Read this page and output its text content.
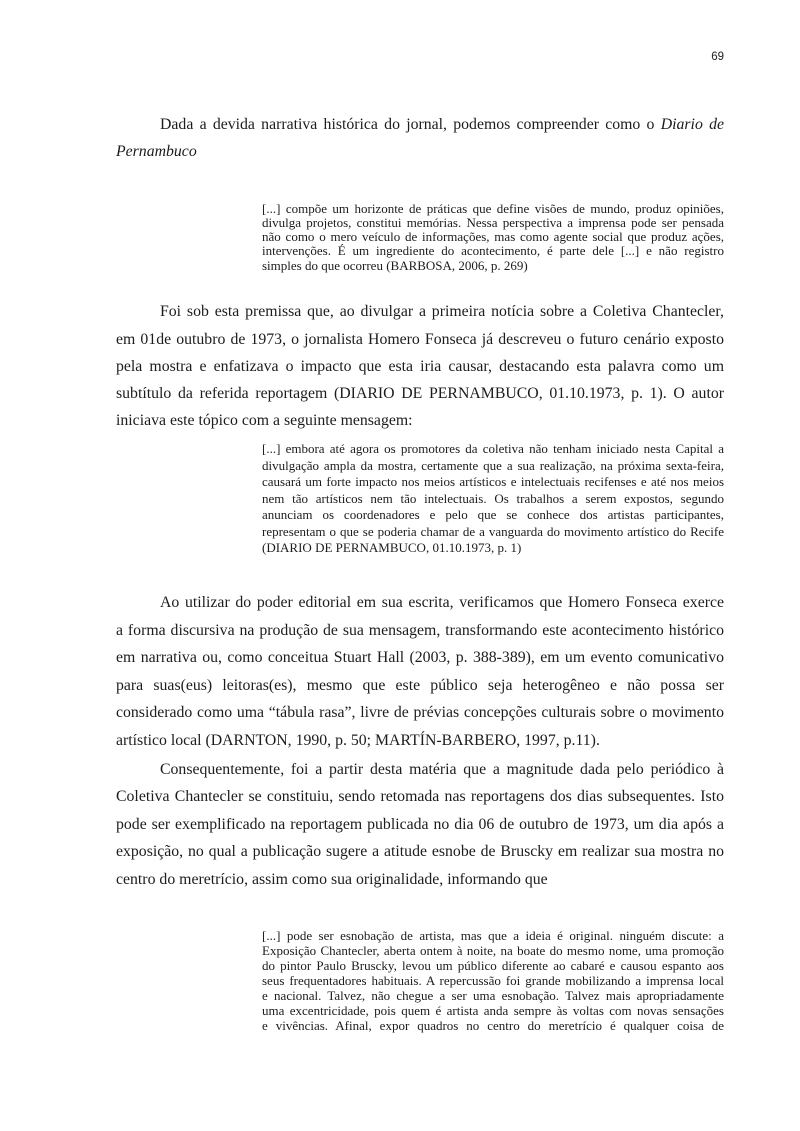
69
Dada a devida narrativa histórica do jornal, podemos compreender como o Diario de
Pernambuco
[...] compõe um horizonte de práticas que define visões de mundo, produz opiniões,
divulga projetos, constitui memórias. Nessa perspectiva a imprensa pode ser pensada
não como o mero veículo de informações, mas como agente social que produz ações,
intervenções. É um ingrediente do acontecimento, é parte dele [...] e não registro
simples do que ocorreu (BARBOSA, 2006, p. 269)
Foi sob esta premissa que, ao divulgar a primeira notícia sobre a Coletiva Chantecler,
em 01de outubro de 1973, o jornalista Homero Fonseca já descreveu o futuro cenário exposto
pela mostra e enfatizava o impacto que esta iria causar, destacando esta palavra como um
subtítulo da referida reportagem (DIARIO DE PERNAMBUCO, 01.10.1973, p. 1). O autor
iniciava este tópico com a seguinte mensagem:
[...] embora até agora os promotores da coletiva não tenham iniciado nesta Capital a
divulgação ampla da mostra, certamente que a sua realização, na próxima sexta-feira,
causará um forte impacto nos meios artísticos e intelectuais recifenses e até nos meios
nem tão artísticos nem tão intelectuais. Os trabalhos a serem expostos, segundo
anunciam os coordenadores e pelo que se conhece dos artistas participantes,
representam o que se poderia chamar de a vanguarda do movimento artístico do Recife
(DIARIO DE PERNAMBUCO, 01.10.1973, p. 1)
Ao utilizar do poder editorial em sua escrita, verificamos que Homero Fonseca exerce
a forma discursiva na produção de sua mensagem, transformando este acontecimento histórico
em narrativa ou, como conceitua Stuart Hall (2003, p. 388-389), em um evento comunicativo
para suas(eus) leitoras(es), mesmo que este público seja heterogêneo e não possa ser
considerado como uma “tábula rasa”, livre de prévias concepções culturais sobre o movimento
artístico local (DARNTON, 1990, p. 50; MARTÍN-BARBERO, 1997, p.11).
Consequentemente, foi a partir desta matéria que a magnitude dada pelo periódico à
Coletiva Chantecler se constituiu, sendo retomada nas reportagens dos dias subsequentes. Isto
pode ser exemplificado na reportagem publicada no dia 06 de outubro de 1973, um dia após a
exposição, no qual a publicação sugere a atitude esnobe de Bruscky em realizar sua mostra no
centro do meretrício, assim como sua originalidade, informando que
[...] pode ser esnobação de artista, mas que a ideia é original. ninguém discute: a
Exposição Chantecler, aberta ontem à noite, na boate do mesmo nome, uma promoção
do pintor Paulo Bruscky, levou um público diferente ao cabaré e causou espanto aos
seus frequentadores habituais. A repercussão foi grande mobilizando a imprensa local
e nacional. Talvez, não chegue a ser uma esnobação. Talvez mais apropriadamente
uma excentricidade, pois quem é artista anda sempre às voltas com novas sensações
e vivências. Afinal, expor quadros no centro do meretrício é qualquer coisa de
